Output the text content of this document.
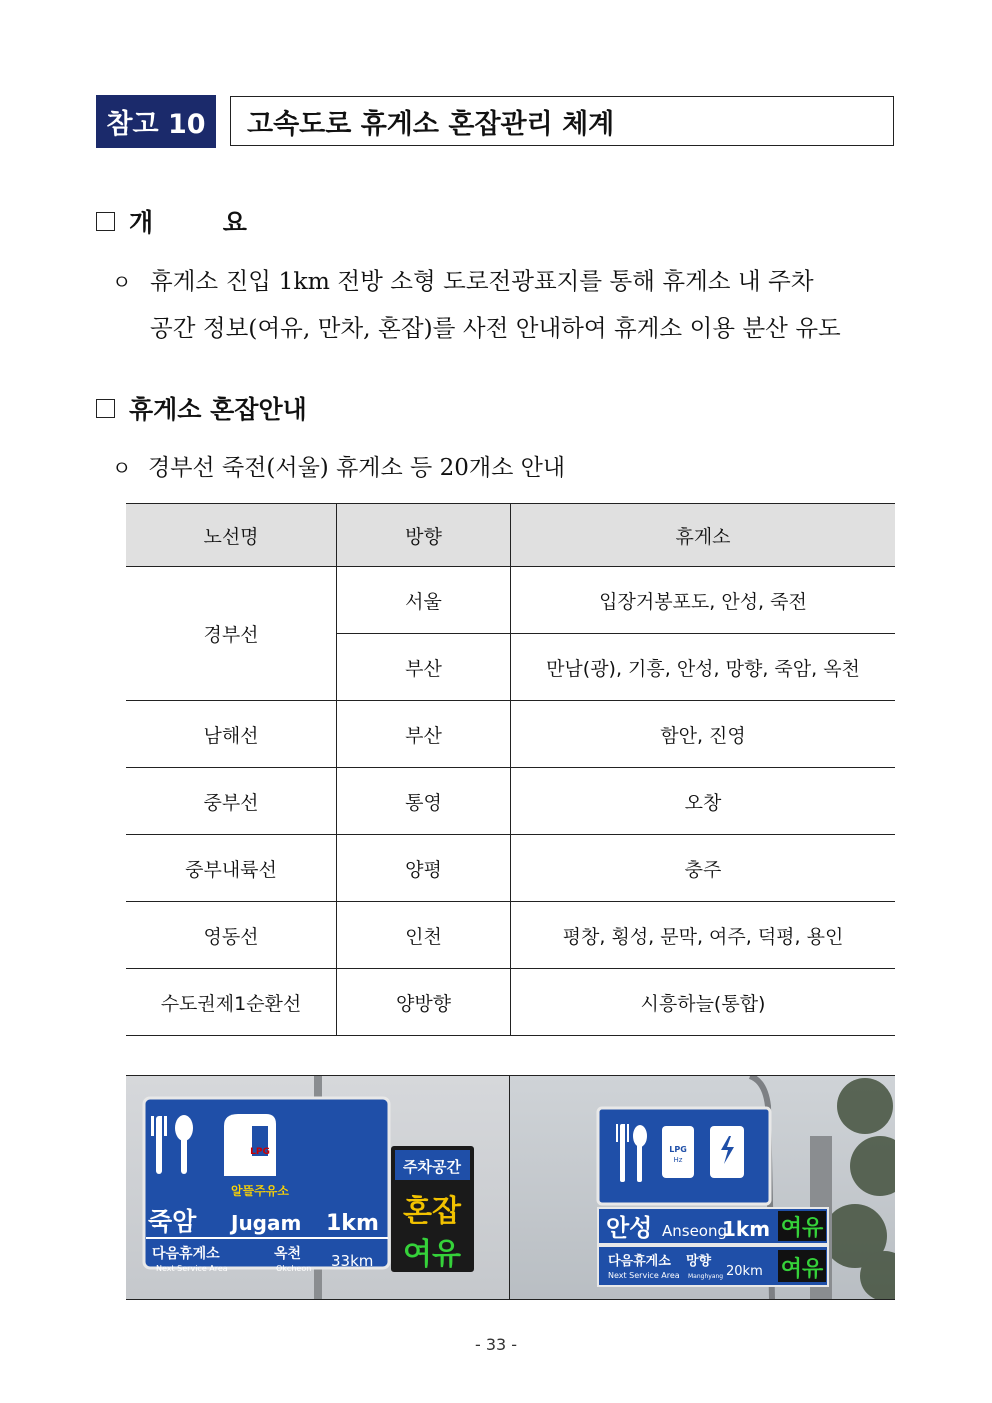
참고 10	고속도로 휴게소 혼잡관리 체계
개        요
ㅇ 휴게소 진입 1km 전방 소형 도로전광표지를 통해 휴게소 내 주차
공간 정보(여유, 만차, 혼잡)를 사전 안내하여 휴게소 이용 분산 유도
휴게소 혼잡안내
ㅇ 경부선 죽전(서울) 휴게소 등 20개소 안내
노선명	방향	휴게소
경부선	서울	입장거봉포도, 안성, 죽전
	부산	만남(광), 기흥, 안성, 망향, 죽암, 옥천
남해선	부산	함안, 진영
중부선	통영	오창
중부내륙선	양평	충주
영동선	인천	평창, 횡성, 문막, 여주, 덕평, 용인
수도권제1순환선	양방향	시흥하늘(통합)
LPG
알뜰주유소
죽암 Jugam 1km
다음휴게소	옥천
Next Service Area	Okcheon 33km
주차공간
혼잡
여유
LPG
Hz
안성 Anseong
1km 여유
다음휴게소 망향
Next Service Area Manghyang 20km 여유
- 33 -
